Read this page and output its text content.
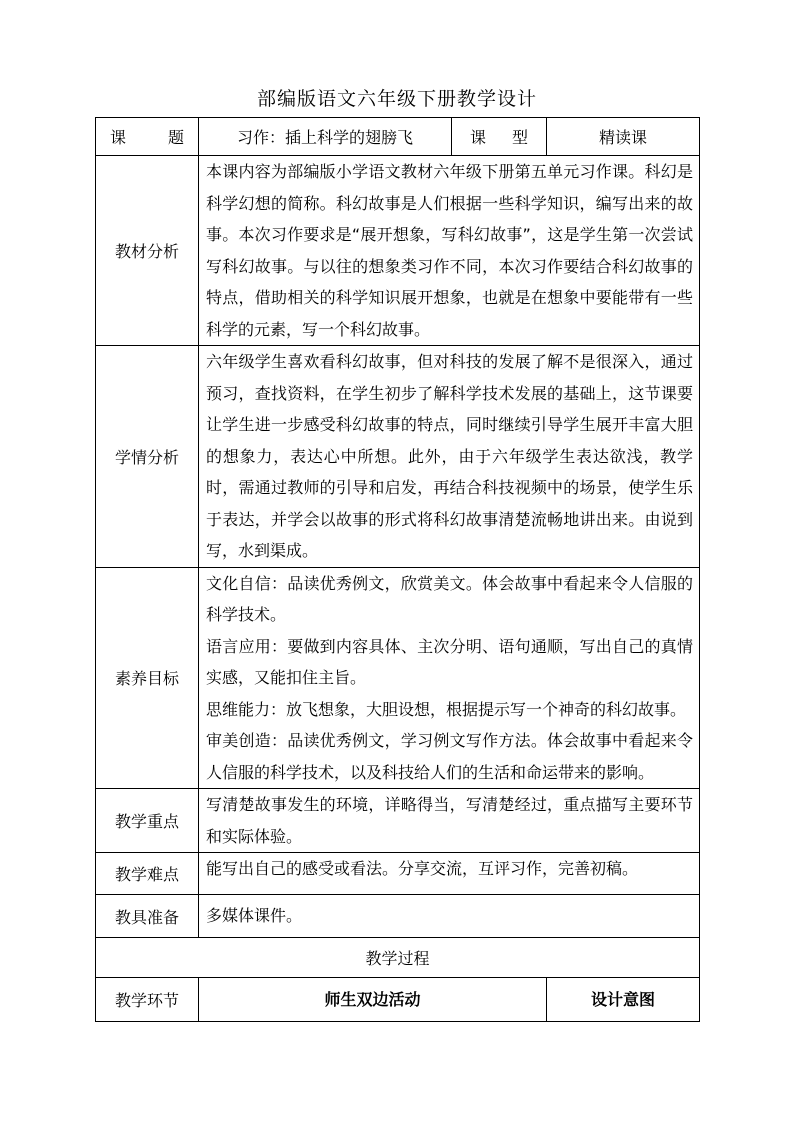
部编版语文六年级下册教学设计
课 题	习作：插上科学的翅膀飞	课 型	精读课
教材分析	本课内容为部编版小学语文教材六年级下册第五单元习作课。科幻是科学幻想的简称。科幻故事是人们根据一些科学知识，编写出来的故事。本次习作要求是“展开想象，写科幻故事”，这是学生第一次尝试写科幻故事。与以往的想象类习作不同，本次习作要结合科幻故事的特点，借助相关的科学知识展开想象，也就是在想象中要能带有一些科学的元素，写一个科幻故事。		
学情分析	六年级学生喜欢看科幻故事，但对科技的发展了解不是很深入，通过预习，查找资料，在学生初步了解科学技术发展的基础上，这节课要让学生进一步感受科幻故事的特点，同时继续引导学生展开丰富大胆的想象力，表达心中所想。此外，由于六年级学生表达欲浅，教学时，需通过教师的引导和启发，再结合科技视频中的场景，使学生乐于表达，并学会以故事的形式将科幻故事清楚流畅地讲出来。由说到写，水到渠成。		
素养目标	文化自信：品读优秀例文，欣赏美文。体会故事中看起来令人信服的科学技术。

语言应用：要做到内容具体、主次分明、语句通顺，写出自己的真情实感，又能扣住主旨。

思维能力：放飞想象，大胆设想，根据提示写一个神奇的科幻故事。

审美创造：品读优秀例文，学习例文写作方法。体会故事中看起来令人信服的科学技术，以及科技给人们的生活和命运带来的影响。		

教学重点	写清楚故事发生的环境，详略得当，写清楚经过，重点描写主要环节和实际体验。		
教学难点	能写出自己的感受或看法。分享交流，互评习作，完善初稿。		
教具准备	多媒体课件。		
教学过程			
教学环节	师生双边活动		设计意图
